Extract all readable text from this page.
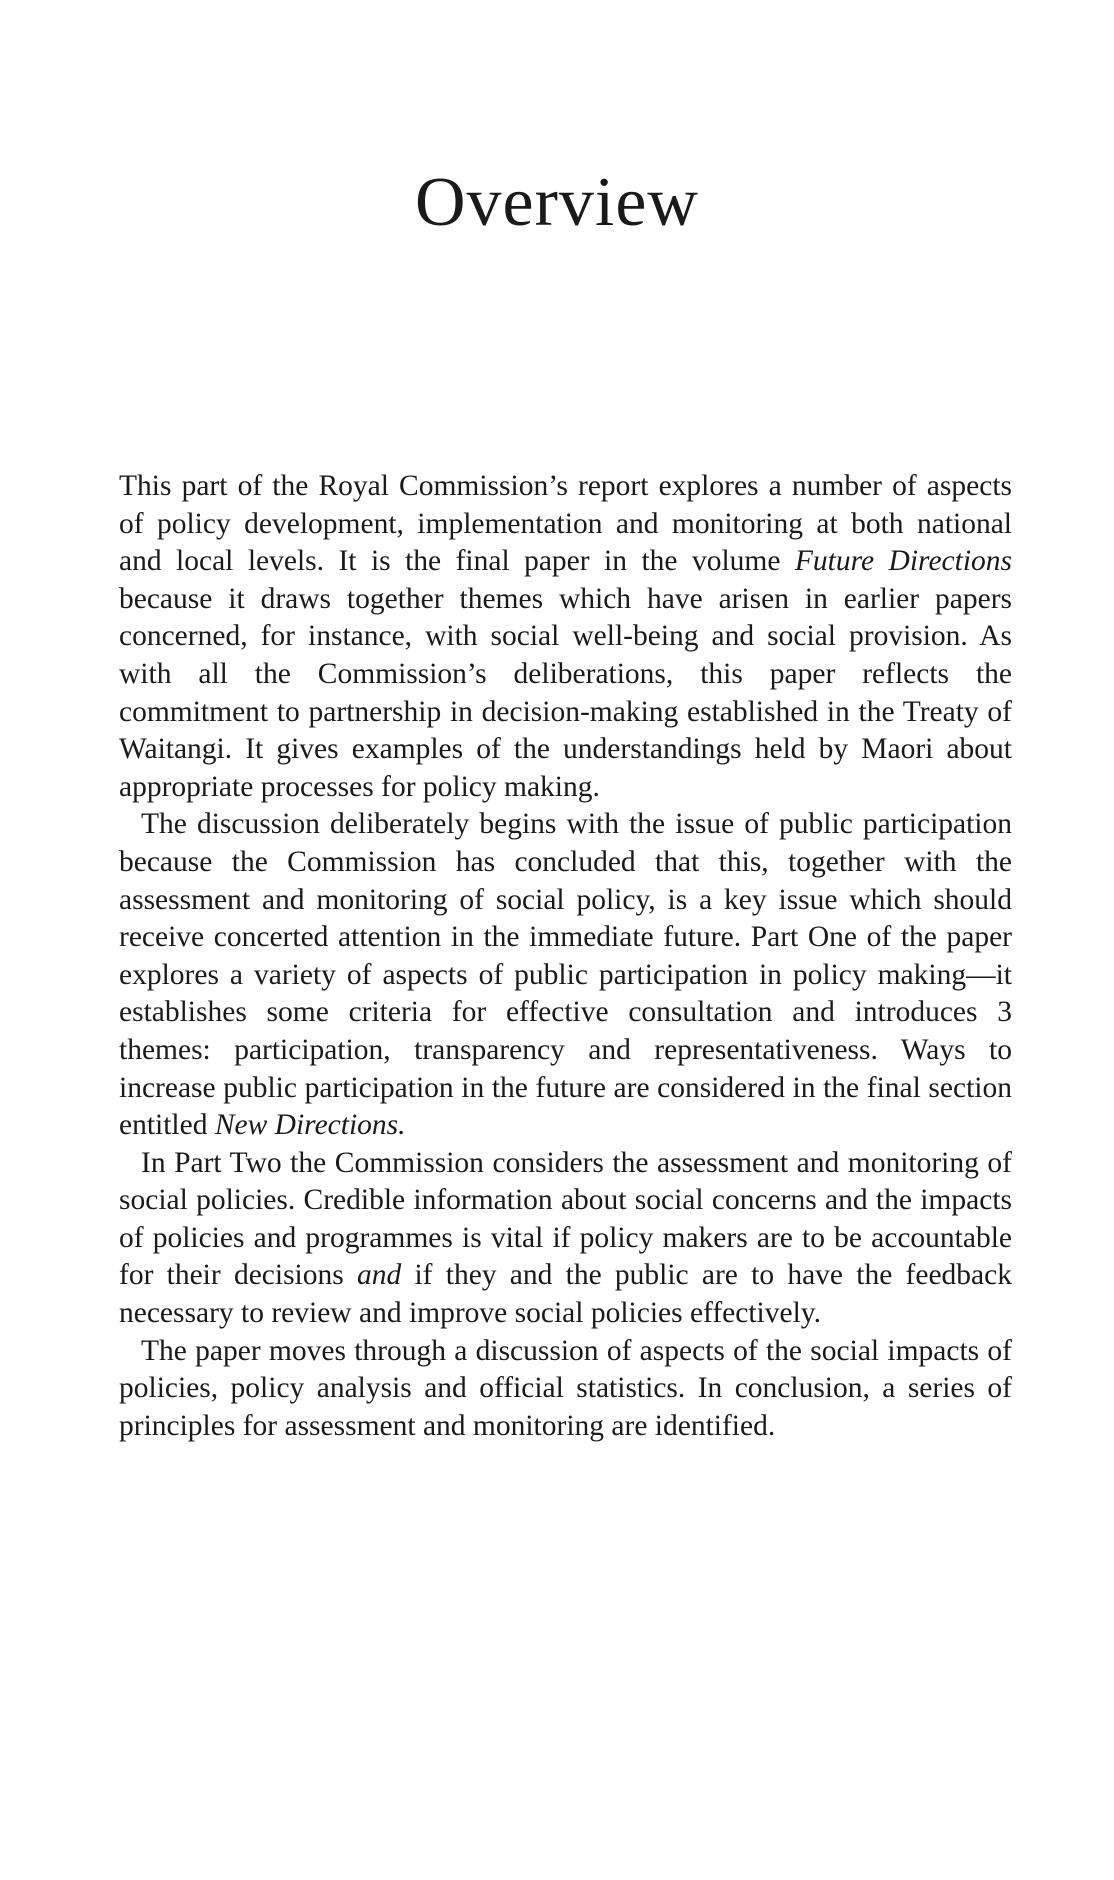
Overview

This part of the Royal Commission’s report explores a number of aspects of policy development, implementation and monitoring at both national and local levels. It is the final paper in the volume Future Directions because it draws together themes which have arisen in earlier papers concerned, for instance, with social well-being and social provision. As with all the Commission’s deliberations, this paper reflects the commitment to partnership in decision-making established in the Treaty of Waitangi. It gives examples of the understandings held by Maori about appropriate processes for policy making.

The discussion deliberately begins with the issue of public participation because the Commission has concluded that this, together with the assessment and monitoring of social policy, is a key issue which should receive concerted attention in the immediate future. Part One of the paper explores a variety of aspects of public participation in policy making—it establishes some criteria for effective consultation and introduces 3 themes: participation, transparency and representativeness. Ways to increase public participation in the future are considered in the final section entitled New Directions.

In Part Two the Commission considers the assessment and monitoring of social policies. Credible information about social concerns and the impacts of policies and programmes is vital if policy makers are to be accountable for their decisions and if they and the public are to have the feedback necessary to review and improve social policies effectively.

The paper moves through a discussion of aspects of the social impacts of policies, policy analysis and official statistics. In conclusion, a series of principles for assessment and monitoring are identified.
